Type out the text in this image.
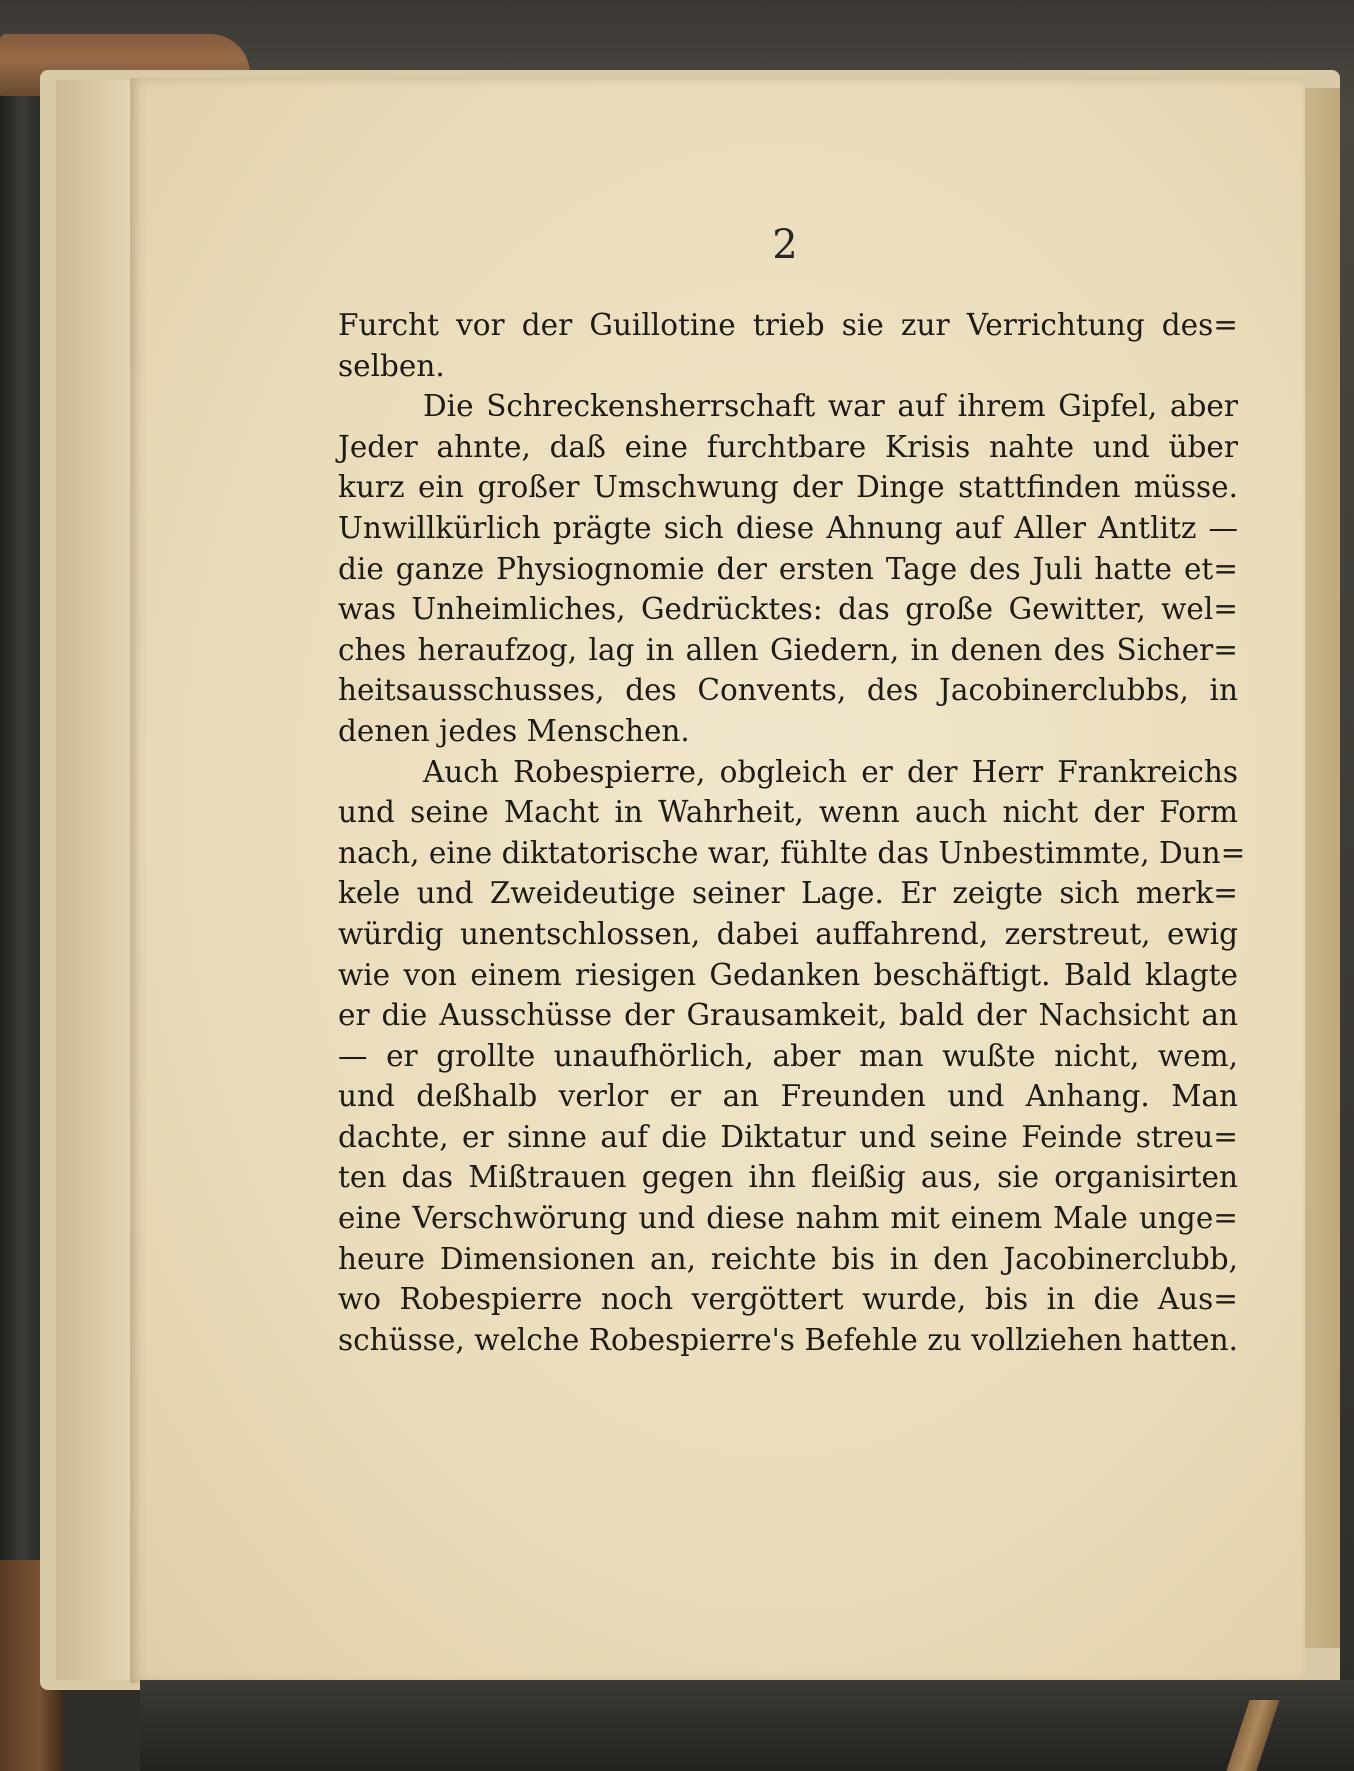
2
Furcht vor der Guillotine trieb sie zur Verrichtung des=
selben.
Die Schreckensherrschaft war auf ihrem Gipfel, aber
Jeder ahnte, daß eine furchtbare Krisis nahte und über
kurz ein großer Umschwung der Dinge stattfinden müsse.
Unwillkürlich prägte sich diese Ahnung auf Aller Antlitz —
die ganze Physiognomie der ersten Tage des Juli hatte et=
was Unheimliches, Gedrücktes: das große Gewitter, wel=
ches heraufzog, lag in allen Giedern, in denen des Sicher=
heitsausschusses, des Convents, des Jacobinerclubbs, in
denen jedes Menschen.
Auch Robespierre, obgleich er der Herr Frankreichs
und seine Macht in Wahrheit, wenn auch nicht der Form
nach, eine diktatorische war, fühlte das Unbestimmte, Dun=
kele und Zweideutige seiner Lage. Er zeigte sich merk=
würdig unentschlossen, dabei auffahrend, zerstreut, ewig
wie von einem riesigen Gedanken beschäftigt. Bald klagte
er die Ausschüsse der Grausamkeit, bald der Nachsicht an
— er grollte unaufhörlich, aber man wußte nicht, wem,
und deßhalb verlor er an Freunden und Anhang. Man
dachte, er sinne auf die Diktatur und seine Feinde streu=
ten das Mißtrauen gegen ihn fleißig aus, sie organisirten
eine Verschwörung und diese nahm mit einem Male unge=
heure Dimensionen an, reichte bis in den Jacobinerclubb,
wo Robespierre noch vergöttert wurde, bis in die Aus=
schüsse, welche Robespierre's Befehle zu vollziehen hatten.
